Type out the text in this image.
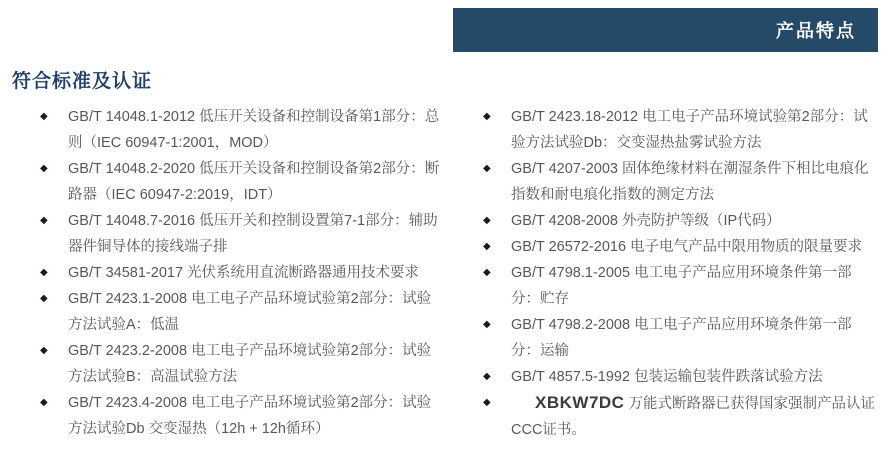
产品特点
符合标准及认证
◆	GB/T 14048.1-2012 低压开关设备和控制设备第1部分：总则（IEC 60947-1:2001，MOD）
◆	GB/T 14048.2-2020 低压开关设备和控制设备第2部分：断路器（IEC 60947-2:2019，IDT）
◆	GB/T 14048.7-2016 低压开关和控制设置第7-1部分：辅助器件铜导体的接线端子排
◆	GB/T 34581-2017 光伏系统用直流断路器通用技术要求
◆	GB/T 2423.1-2008 电工电子产品环境试验第2部分：试验方法试验A：低温
◆	GB/T 2423.2-2008 电工电子产品环境试验第2部分：试验方法试验B：高温试验方法
◆	GB/T 2423.4-2008 电工电子产品环境试验第2部分：试验方法试验Db 交变湿热（12h + 12h循环）
◆	GB/T 2423.18-2012 电工电子产品环境试验第2部分：试验方法试验Db：交变湿热盐雾试验方法
◆	GB/T 4207-2003 固体绝缘材料在潮湿条件下相比电痕化指数和耐电痕化指数的测定方法
◆	GB/T 4208-2008 外壳防护等级（IP代码）
◆	GB/T 26572-2016 电子电气产品中限用物质的限量要求
◆	GB/T 4798.1-2005 电工电子产品应用环境条件第一部分：贮存
◆	GB/T 4798.2-2008 电工电子产品应用环境条件第一部分：运输
◆	GB/T 4857.5-1992 包装运输包装件跌落试验方法
◆	XBKW7DC 万能式断路器已获得国家强制产品认证CCC证书。
